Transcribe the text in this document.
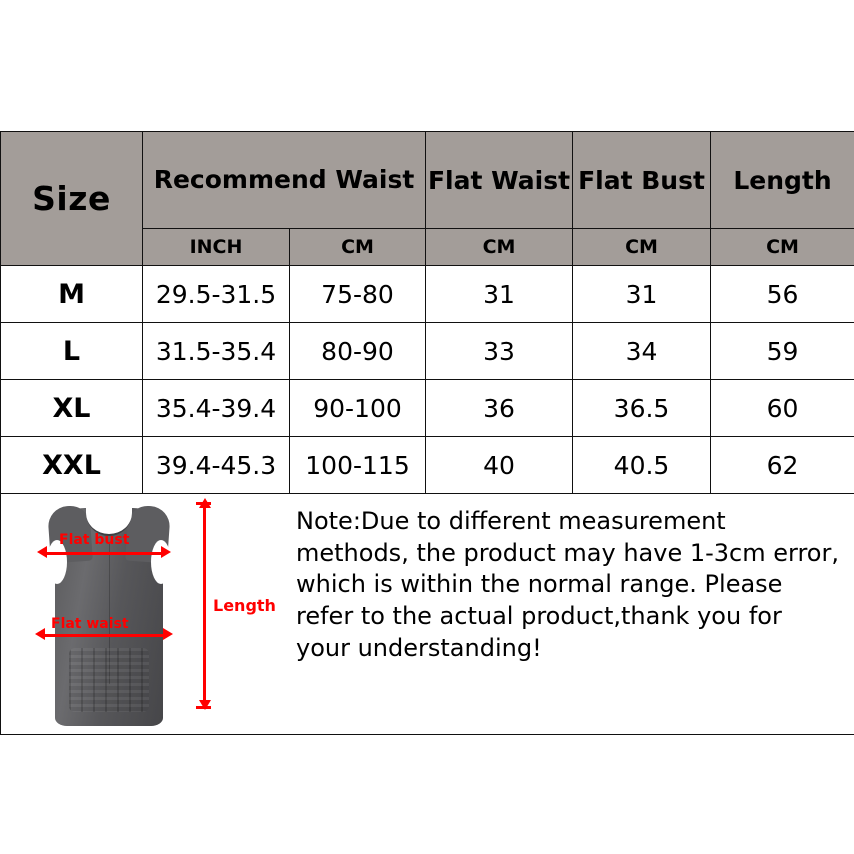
Size	Recommend Waist		Flat Waist	Flat Bust	Length
	INCH	CM	CM	CM	CM
M	29.5-31.5	75-80	31	31	56
L	31.5-35.4	80-90	33	34	59
XL	35.4-39.4	90-100	36	36.5	60
XXL	39.4-45.3	100-115	40	40.5	62

Flat bust
Flat waist
Length
Note:Due to different measurement methods, the product may have 1-3cm error, which is within the normal range. Please refer to the actual product,thank you for your understanding!					
